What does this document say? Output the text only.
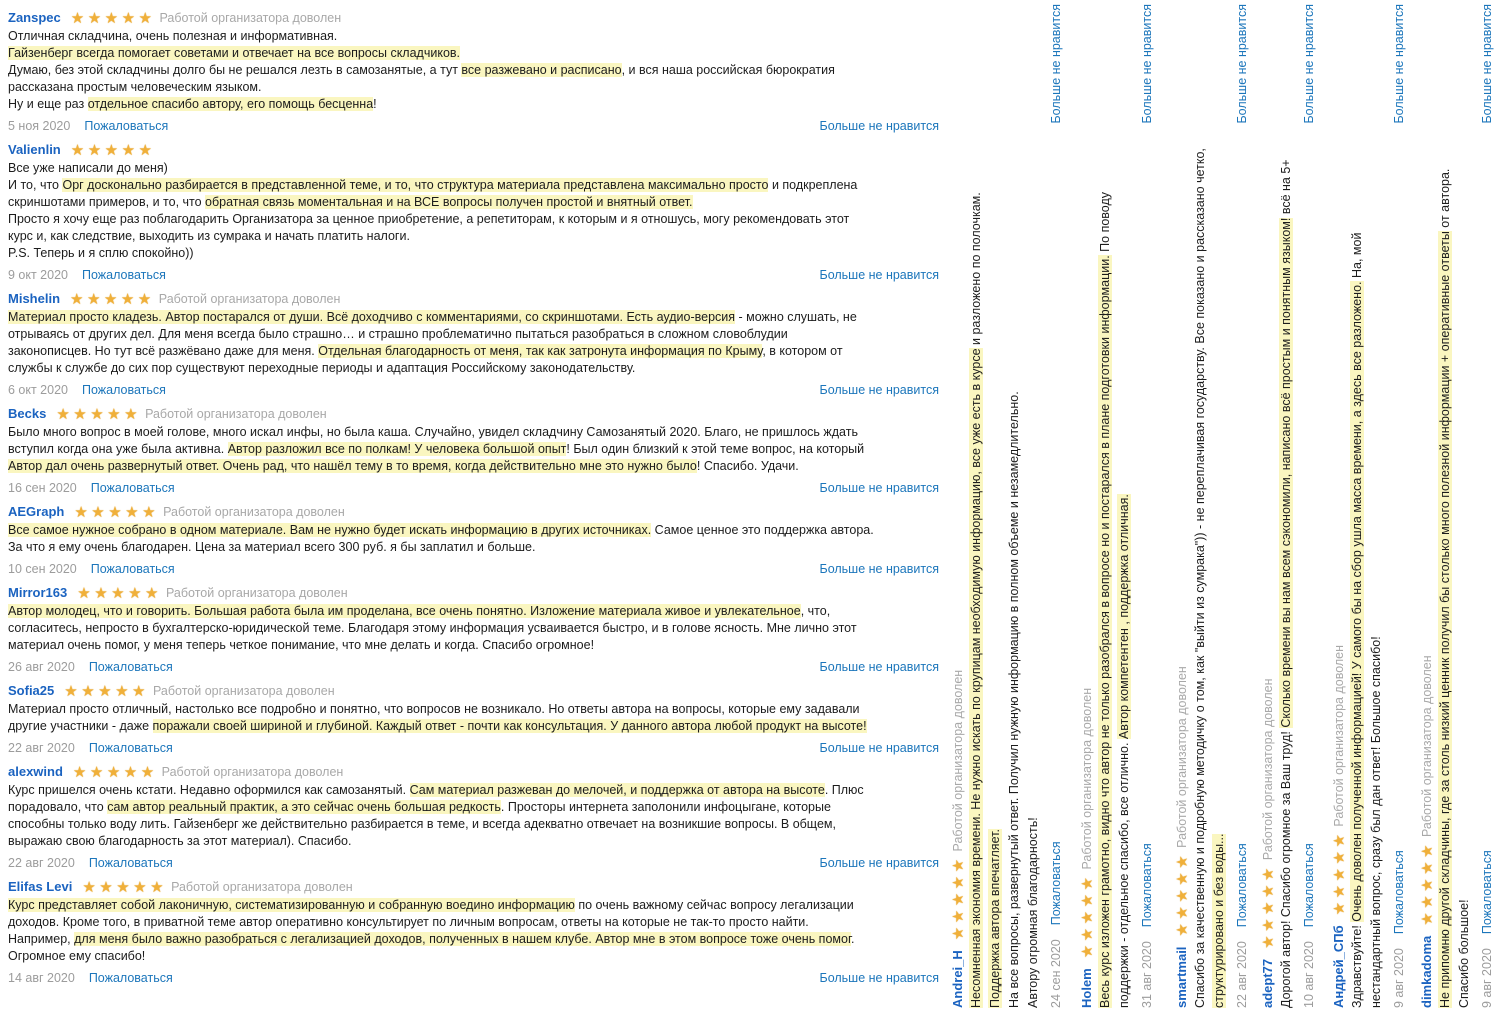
Zanspec ★★★★★ Работой организатора доволен
Отличная складчина, очень полезная и информативная.
Гайзенберг всегда помогает советами и отвечает на все вопросы складчиков.
Думаю, без этой складчины долго бы не решался лезть в самозанятые, а тут все разжевано и расписано, и вся наша российская бюрократия
рассказана простым человеческим языком.
Ну и еще раз отдельное спасибо автору, его помощь бесценна!
5 ноя 2020 Пожаловаться	Больше не нравится
Valienlin ★★★★★
Все уже написали до меня)
И то, что Орг досконально разбирается в представленной теме, и то, что структура материала представлена максимально просто и подкреплена
скриншотами примеров, и то, что обратная связь моментальная и на ВСЕ вопросы получен простой и внятный ответ.
Просто я хочу еще раз поблагодарить Организатора за ценное приобретение, а репетиторам, к которым и я отношусь, могу рекомендовать этот
курс и, как следствие, выходить из сумрака и начать платить налоги.
P.S. Теперь и я сплю спокойно))
9 окт 2020 Пожаловаться	Больше не нравится
Mishelin ★★★★★ Работой организатора доволен
Материал просто кладезь. Автор постарался от души. Всё доходчиво с комментариями, со скриншотами. Есть аудио-версия - можно слушать, не
отрываясь от других дел. Для меня всегда было страшно… и страшно проблематично пытаться разобраться в сложном словоблудии
законописцев. Но тут всё разжёвано даже для меня. Отдельная благодарность от меня, так как затронута информация по Крыму, в котором от
службы к службе до сих пор существуют переходные периоды и адаптация Российскому законодательству.
6 окт 2020 Пожаловаться	Больше не нравится
Becks ★★★★★ Работой организатора доволен
Было много вопрос в моей голове, много искал инфы, но была каша. Случайно, увидел складчину Самозанятый 2020. Благо, не пришлось ждать
вступил когда она уже была активна. Автор разложил все по полкам! У человека большой опыт! Был один близкий к этой теме вопрос, на который
Автор дал очень развернутый ответ. Очень рад, что нашёл тему в то время, когда действительно мне это нужно было! Спасибо. Удачи.
16 сен 2020 Пожаловаться	Больше не нравится
AEGraph ★★★★★ Работой организатора доволен
Все самое нужное собрано в одном материале. Вам не нужно будет искать информацию в других источниках. Самое ценное это поддержка автора.
За что я ему очень благодарен. Цена за материал всего 300 руб. я бы заплатил и больше.
10 сен 2020 Пожаловаться	Больше не нравится
Mirror163 ★★★★★ Работой организатора доволен
Автор молодец, что и говорить. Большая работа была им проделана, все очень понятно. Изложение материала живое и увлекательное, что,
согласитесь, непросто в бухгалтерско-юридической теме. Благодаря этому информация усваивается быстро, и в голове ясность. Мне лично этот
материал очень помог, у меня теперь четкое понимание, что мне делать и когда. Спасибо огромное!
26 авг 2020 Пожаловаться	Больше не нравится
Sofia25 ★★★★★ Работой организатора доволен
Материал просто отличный, настолько все подробно и понятно, что вопросов не возникало. Но ответы автора на вопросы, которые ему задавали
другие участники - даже поражали своей шириной и глубиной. Каждый ответ - почти как консультация. У данного автора любой продукт на высоте!
22 авг 2020 Пожаловаться	Больше не нравится
alexwind ★★★★★ Работой организатора доволен
Курс пришелся очень кстати. Недавно оформился как самозанятый. Сам материал разжеван до мелочей, и поддержка от автора на высоте. Плюс
порадовало, что сам автор реальный практик, а это сейчас очень большая редкость. Просторы интернета заполонили инфоцыгане, которые
способны только воду лить. Гайзенберг же действительно разбирается в теме, и всегда адекватно отвечает на возникшие вопросы. В общем,
выражаю свою благодарность за этот материал). Спасибо.
22 авг 2020 Пожаловаться	Больше не нравится
Elifas Levi ★★★★★ Работой организатора доволен
Курс представляет собой лаконичную, систематизированную и собранную воедино информацию по очень важному сейчас вопросу легализации
доходов. Кроме того, в приватной теме автор оперативно консультирует по личным вопросам, ответы на которые не так-то просто найти.
Например, для меня было важно разобраться с легализацией доходов, полученных в нашем клубе. Автор мне в этом вопросе тоже очень помог.
Огромное ему спасибо!
14 авг 2020 Пожаловаться	Больше не нравится Andrei_H★★★★★Работой организатора доволен Несомненная экономия времени. Не нужно искать по крупицам необходимую информацию, все уже есть в курсе и разложено по полочкам.
Поддержка автора впечатляет. На все вопросы, развернутый ответ. Получил нужную информацию в полном объеме и незамедлительно. Автору огромная благодарность! 24 сен 2020Пожаловаться
Больше не нравится
Holem★★★★★Работой организатора доволен Весь курс изложен грамотно, видно что автор не только разобрался в вопросе но и постарался в плане подготовки информации. По поводу
поддержки - отдельное спасибо, все отлично. Автор компетентен , поддержка отличная.
31 авг 2020Пожаловаться
Больше не нравится
smartmail★★★★★Работой организатора доволен Спасибо за качественную и подробную методичку о том, как "выйти из сумрака")) - не переплачивая государству. Все показано и рассказано четко, структурировано и без воды... 22 авг 2020Пожаловаться
Больше не нравится
adept77★★★★★Работой организатора доволен Дорогой автор! Спасибо огромное за Ваш труд! Сколько времени вы нам всем сэкономили, написано всё простым и понятным языком! всё на 5+
10 авг 2020Пожаловаться
Больше не нравится
Андрей_СПб★★★★★Работой организатора доволен
Здравствуйте! Очень доволен полученной информацией! У самого бы на сбор ушла масса времени, а здесь все разложено. На, мой
нестандартный вопрос, сразу был дан ответ! Большое спасибо! 9 авг 2020Пожаловаться
Больше не нравится
dimkadoma★★★★★Работой организатора доволен Не припомню другой складчины, где за столь низкий ценник получил бы столько много полезной информации + оперативные ответы от автора.
Спасибо большое! 9 авг 2020Пожаловаться
Больше не нравится
